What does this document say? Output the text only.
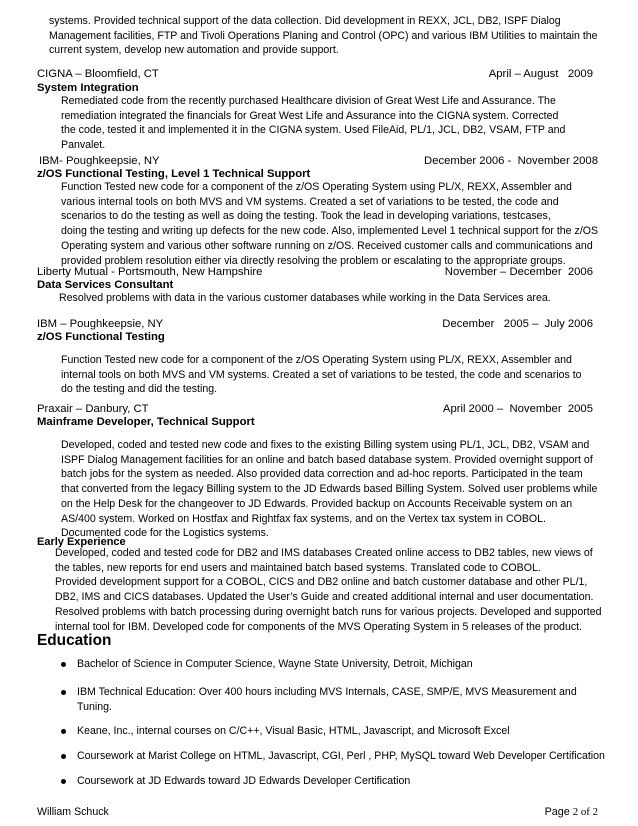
systems. Provided technical support of the data collection. Did development in REXX, JCL, DB2, ISPF Dialog
Management facilities, FTP and Tivoli Operations Planing and Control (OPC) and various IBM Utilities to maintain the
current system, develop new automation and provide support.
CIGNA – Bloomfield, CT	April – August   2009
System Integration
Remediated code from the recently purchased Healthcare division of Great West Life and Assurance. The
remediation integrated the financials for Great West Life and Assurance into the CIGNA system. Corrected
the code, tested it and implemented it in the CIGNA system. Used FileAid, PL/1, JCL, DB2, VSAM, FTP and
Panvalet.
IBM- Poughkeepsie, NY	December 2006 -  November 2008
z/OS Functional Testing, Level 1 Technical Support
Function Tested new code for a component of the z/OS Operating System using PL/X, REXX, Assembler and
various internal tools on both MVS and VM systems. Created a set of variations to be tested, the code and
scenarios to do the testing as well as doing the testing. Took the lead in developing variations, testcases,
doing the testing and writing up defects for the new code. Also, implemented Level 1 technical support for the z/OS
Operating system and various other software running on z/OS. Received customer calls and communications and
provided problem resolution either via directly resolving the problem or escalating to the appropriate groups.
Liberty Mutual - Portsmouth, New Hampshire	November – December  2006
Data Services Consultant
Resolved problems with data in the various customer databases while working in the Data Services area.
IBM – Poughkeepsie, NY	December   2005 –  July 2006
z/OS Functional Testing
Function Tested new code for a component of the z/OS Operating System using PL/X, REXX, Assembler and
internal tools on both MVS and VM systems. Created a set of variations to be tested, the code and scenarios to
do the testing and did the testing.
Praxair – Danbury, CT	April 2000 –  November  2005
Mainframe Developer, Technical Support
Developed, coded and tested new code and fixes to the existing Billing system using PL/1, JCL, DB2, VSAM and
ISPF Dialog Management facilities for an online and batch based database system. Provided overnight support of
batch jobs for the system as needed. Also provided data correction and ad-hoc reports. Participated in the team
that converted from the legacy Billing system to the JD Edwards based Billing System. Solved user problems while
on the Help Desk for the changeover to JD Edwards. Provided backup on Accounts Receivable system on an
AS/400 system. Worked on Hostfax and Rightfax fax systems, and on the Vertex tax system in COBOL.
Documented code for the Logistics systems.
Early Experience
Developed, coded and tested code for DB2 and IMS databases Created online access to DB2 tables, new views of
the tables, new reports for end users and maintained batch based systems. Translated code to COBOL.
Provided development support for a COBOL, CICS and DB2 online and batch customer database and other PL/1,
DB2, IMS and CICS databases. Updated the User’s Guide and created additional internal and user documentation.
Resolved problems with batch processing during overnight batch runs for various projects. Developed and supported
internal tool for IBM. Developed code for components of the MVS Operating System in 5 releases of the product.
Education
Bachelor of Science in Computer Science, Wayne State University, Detroit, Michigan
IBM Technical Education: Over 400 hours including MVS Internals, CASE, SMP/E, MVS Measurement and
Tuning.
Keane, Inc., internal courses on C/C++, Visual Basic, HTML, Javascript, and Microsoft Excel
Coursework at Marist College on HTML, Javascript, CGI, Perl , PHP, MySQL toward Web Developer Certification
Coursework at JD Edwards toward JD Edwards Developer Certification
William Schuck	Page 2 of 2
